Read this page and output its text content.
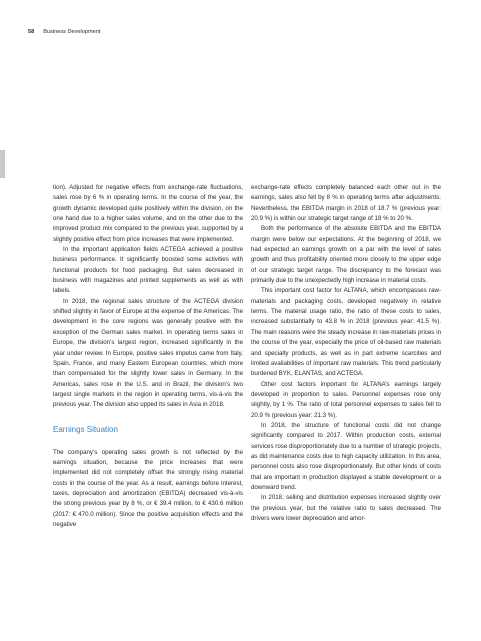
58 Business Development

tion). Adjusted for negative effects from exchange-rate fluctuations, sales rose by 6 % in operating terms. In the course of the year, the growth dynamic developed quite positively within the division, on the one hand due to a higher sales volume, and on the other due to the improved product mix compared to the previous year, supported by a slightly positive effect from price increases that were implemented.

In the important application fields ACTEGA achieved a positive business performance. It significantly boosted some activities with functional products for food packaging. But sales decreased in business with magazines and printed supplements as well as with labels.

In 2018, the regional sales structure of the ACTEGA division shifted slightly in favor of Europe at the expense of the Americas. The development in the core regions was generally positive with the exception of the German sales market. In operating terms sales in Europe, the division’s largest region, increased significantly in the year under review. In Europe, positive sales impetus came from Italy, Spain, France, and many Eastern European countries, which more than compensated for the slightly lower sales in Germany. In the Americas, sales rose in the U.S. and in Brazil, the division’s two largest single markets in the region in operating terms, vis-à-vis the previous year. The division also upped its sales in Asia in 2018.

Earnings Situation

The company’s operating sales growth is not reflected by the earnings situation, because the price increases that were implemented did not completely offset the strongly rising material costs in the course of the year. As a result, earnings before interest, taxes, depreciation and amortization (EBITDA) decreased vis-à-vis the strong previous year by 8 %, or € 39.4 million, to € 430.6 million (2017: € 470.0 million). Since the positive acquisition effects and the negative

exchange-rate effects completely balanced each other out in the earnings, sales also fell by 8 % in operating terms after adjustments. Nevertheless, the EBITDA margin in 2018 of 18.7 % (previous year: 20.9 %) is within our strategic target range of 18 % to 20 %.

Both the performance of the absolute EBITDA and the EBITDA margin were below our expectations. At the beginning of 2018, we had expected an earnings growth on a par with the level of sales growth and thus profitability oriented more closely to the upper edge of our strategic target range. The discrepancy to the forecast was primarily due to the unexpectedly high increase in material costs.

This important cost factor for ALTANA, which encompasses raw-materials and packaging costs, developed negatively in relative terms. The material usage ratio, the ratio of these costs to sales, increased substantially to 43.8 % in 2018 (previous year: 41.5 %). The main reasons were the steady increase in raw-materials prices in the course of the year, especially the price of oil-based raw materials and specialty products, as well as in part extreme scarcities and limited availabilities of important raw materials. This trend particularly burdened BYK, ELANTAS, and ACTEGA.

Other cost factors important for ALTANA’s earnings largely developed in proportion to sales. Personnel expenses rose only slightly, by 1 %. The ratio of total personnel expenses to sales fell to 20.9 % (previous year: 21.3 %).

In 2018, the structure of functional costs did not change significantly compared to 2017. Within production costs, external services rose disproportionately due to a number of strategic projects, as did maintenance costs due to high capacity utilization. In this area, personnel costs also rose disproportionately. But other kinds of costs that are important in production displayed a stable development or a downward trend.

In 2018, selling and distribution expenses increased slightly over the previous year, but the relative ratio to sales decreased. The drivers were lower depreciation and amor-
